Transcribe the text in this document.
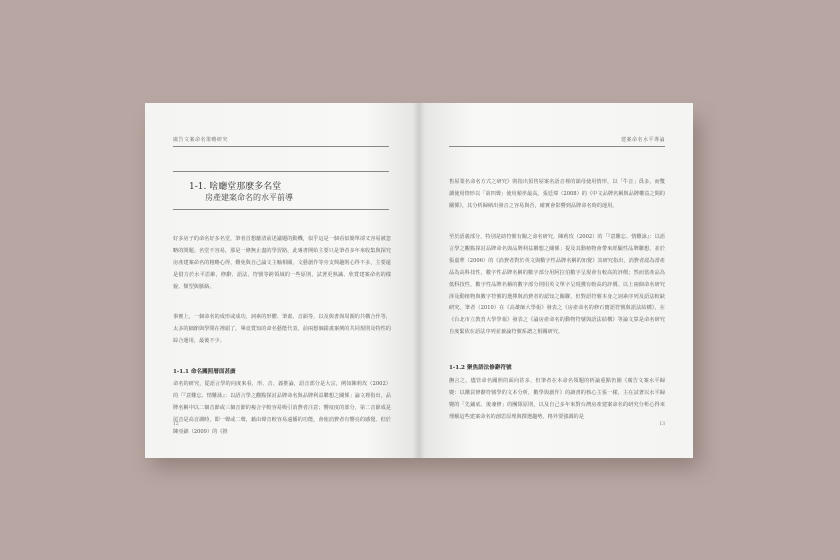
廣告文案命名策略研究
1-1. 啥廳堂那麼多名堂
房產建案命名的水平前導
好多房子的命名好多名堂，筆者首想釐清前述議題的動機，似乎這是一個看似簡單卻又容易被忽略的問題。名堂不容易，那是一條無止盡的學習路，此專書開始主要只是筆者多年來收集與探究房產建案命名的粗略心得，難免與自己論文主軸相關，文藝創作等旁支興趣則心得不多，主要還是借力於水平思維，修辭、語法、符號等跨領域的一些原則，試著更熟識、欣賞建案命名的樣貌、類型與脈絡。
事實上，一個命名的成形或成功，詞素的形體、筆畫、音韻等，以及與書與周圍的共構合作等，太多的細節與學問在裡頭了。畢竟賞知的命名藝能代表，前兩想個錯畫案例的共同規則及特性的綜合運用，最後不少。
1-1.1 命名關照層面甚廣
命名的研究，從語言學的向度來看，形、音、義推論，語音部分是大宗，例如陳莉玫（2002）的「『意難忘、情難詠』：以語言學之觀點探討品牌命名與品牌利益聯想之關係」論文裡指出，品牌名稱中以二個音節或三個音節的複合字較容易吸引消費者注意；響度度的部分，第二音節成是尾音是高音調時，即一聲或二聲，藉由聲音較容易遠播的功能，會使消費者有響亮的感覺。但於陳亞錦（2009）的《推
12
建案命名水平導論
售屋業名命名方式之研究》則指出預售屋案名語音裡的韻母使用情形，以「牛音」爲多，而雙調使用情形以「第四聲」使用頻率最高。張廷瑋（2008）的《中文品牌名稱與品牌權益之間的關係》，其分析歸納出發音之容易與否，確實會影響到品牌命名時的運用。
至於語義部分，特別是助符號有關之命名研究，陳莉玫（2002）的「『意難忘、情難詠』：以語言學之觀點探討品牌命名與品牌利益聯想之關係」提及其動植物會帶來經驗性品牌聯想，並於張嘉華（2006）的《消費者對於英文與數字性品牌名稱的知覺》其研究指出，消費者認為當產品為高科技性，數字性品牌名稱的數字部分用阿拉伯數字呈現會有較高的評價；然而當產品為低科技性，數字性品牌名稱的數字部分則用英文單字呈現獲有較高的評價。以上兩個命名研究涉及動植物與數字符號的選擇與消費者的認知之關聯，但對語符號本身之詞素序列及語法較缺研究。筆者（2010）在《高雄師大學報》發表之《房產命名的修石寶語符號與語法結構》，在《台北市立教育大學學報》發表之《論房產命名的動物符號與語法結構》等論文算是命名研究自度緊依在語法序列並兼論符號系譜之相關研究。
1-1.2 聚焦語法修辭符號
撫言之，儘管命名關照的面向甚多，但筆者在本命名領題的析論重點仍圍《廣告文案水平歸變：以購買修辭符號學的文本分析，數學與創作》的讀書的核心主張一樣，主在試著以水平歸變的「先鋪底、後兼修」的團隊原則，以及自己多年來對台灣房產建案命名的研究分析心得來理解這些建案命名的創思原理與撰選趨勢，格外要強調的是
13
